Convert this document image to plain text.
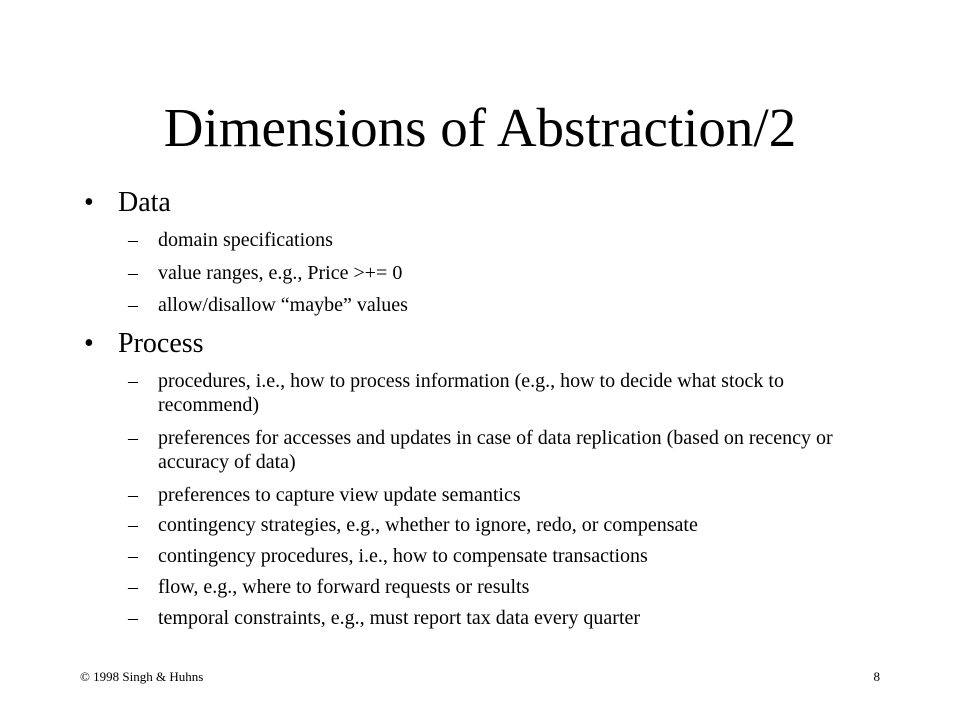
Dimensions of Abstraction/2
• Data
– domain specifications
– value ranges, e.g., Price >+= 0
– allow/disallow “maybe” values
• Process
– procedures, i.e., how to process information (e.g., how to decide what stock to recommend)
– preferences for accesses and updates in case of data replication (based on recency or accuracy of data)
– preferences to capture view update semantics
– contingency strategies, e.g., whether to ignore, redo, or compensate
– contingency procedures, i.e., how to compensate transactions
– flow, e.g., where to forward requests or results
– temporal constraints, e.g., must report tax data every quarter
© 1998 Singh & Huhns	8
